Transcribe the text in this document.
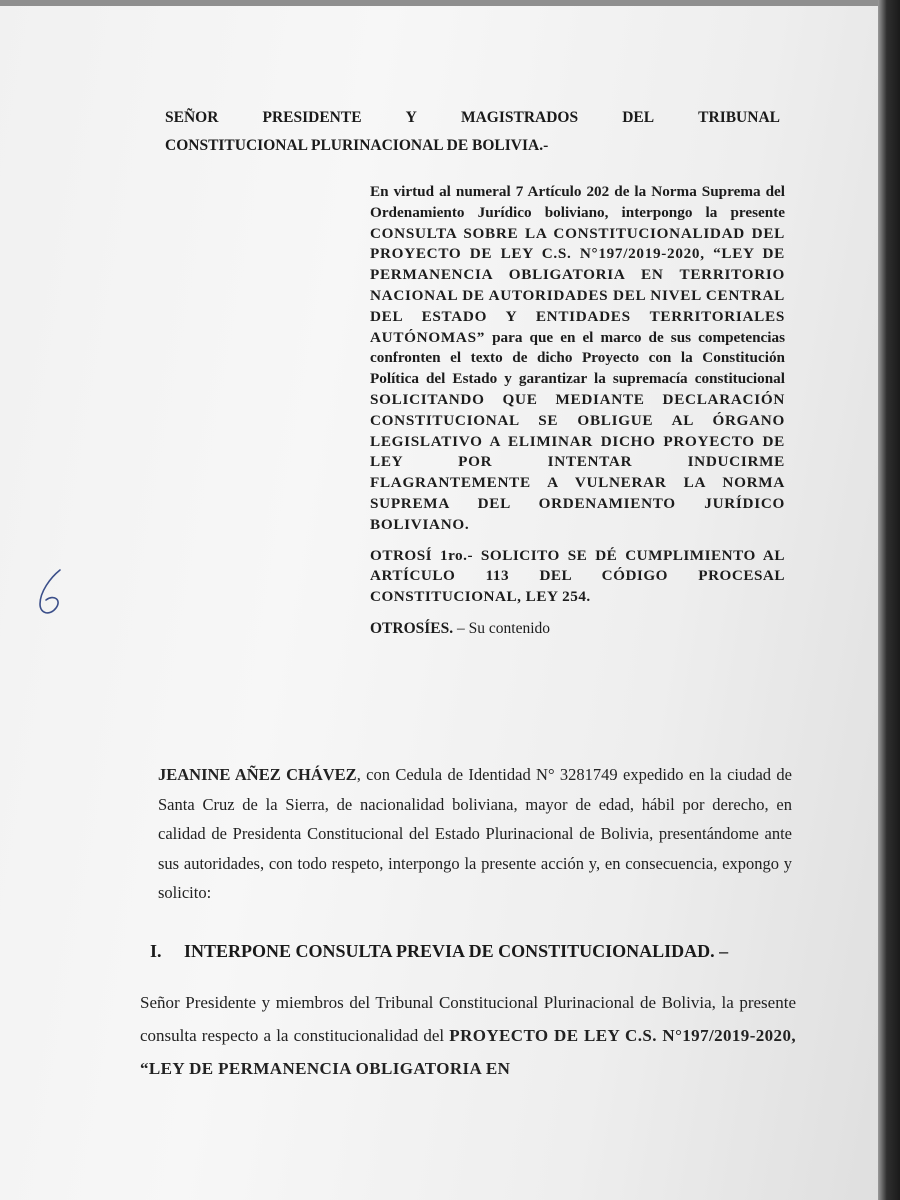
SEÑOR	PRESIDENTE	Y	MAGISTRADOS	DEL	TRIBUNAL
CONSTITUCIONAL PLURINACIONAL DE BOLIVIA.-
En virtud al numeral 7 Artículo 202 de la Norma Suprema del Ordenamiento Jurídico boliviano, interpongo la presente CONSULTA SOBRE LA CONSTITUCIONALIDAD DEL PROYECTO DE LEY C.S. N°197/2019-2020, “LEY DE PERMANENCIA OBLIGATORIA EN TERRITORIO NACIONAL DE AUTORIDADES DEL NIVEL CENTRAL DEL ESTADO Y ENTIDADES TERRITORIALES AUTÓNOMAS” para que en el marco de sus competencias confronten el texto de dicho Proyecto con la Constitución Política del Estado y garantizar la supremacía constitucional SOLICITANDO QUE MEDIANTE DECLARACIÓN CONSTITUCIONAL SE OBLIGUE AL ÓRGANO LEGISLATIVO A ELIMINAR DICHO PROYECTO DE LEY POR INTENTAR INDUCIRME FLAGRANTEMENTE A VULNERAR LA NORMA SUPREMA DEL ORDENAMIENTO JURÍDICO BOLIVIANO.
OTROSÍ 1ro.- SOLICITO SE DÉ CUMPLIMIENTO AL ARTÍCULO 113 DEL CÓDIGO PROCESAL CONSTITUCIONAL, LEY 254.
OTROSÍES. – Su contenido
JEANINE AÑEZ CHÁVEZ, con Cedula de Identidad N° 3281749 expedido en la ciudad de Santa Cruz de la Sierra, de nacionalidad boliviana, mayor de edad, hábil por derecho, en calidad de Presidenta Constitucional del Estado Plurinacional de Bolivia, presentándome ante sus autoridades, con todo respeto, interpongo la presente acción y, en consecuencia, expongo y solicito:
I. INTERPONE CONSULTA PREVIA DE CONSTITUCIONALIDAD. –
Señor Presidente y miembros del Tribunal Constitucional Plurinacional de Bolivia, la presente consulta respecto a la constitucionalidad del PROYECTO DE LEY C.S. N°197/2019-2020, “LEY DE PERMANENCIA OBLIGATORIA EN
